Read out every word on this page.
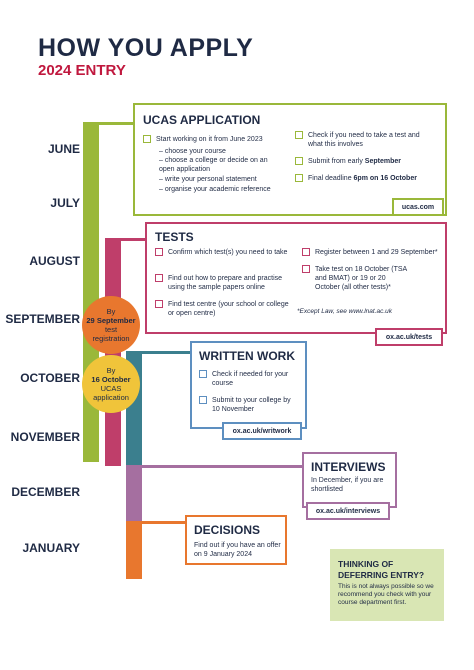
HOW YOU APPLY
2024 ENTRY
JUNE
JULY
AUGUST
SEPTEMBER
OCTOBER
NOVEMBER
DECEMBER
JANUARY
UCAS APPLICATION
Start working on it from June 2023
– choose your course
– choose a college or decide on an open application
– write your personal statement
– organise your academic reference
Check if you need to take a test and what this involves
Submit from early September
Final deadline 6pm on 16 October
ucas.com
TESTS
Confirm which test(s) you need to take
Find out how to prepare and practise using the sample papers online
Find test centre (your school or college or open centre)
Register between 1 and 29 September*
Take test on 18 October (TSA and BMAT) or 19 or 20 October (all other tests)*
*Except Law, see www.lnat.ac.uk
ox.ac.uk/tests
By
29 September
test
registration
By
16 October
UCAS
application
WRITTEN WORK
Check if needed for your course
Submit to your college by 10 November
ox.ac.uk/writwork
INTERVIEWS
In December, if you are shortlisted
ox.ac.uk/interviews
DECISIONS
Find out if you have an offer on 9 January 2024
THINKING OF
DEFERRING ENTRY?
This is not always possible so we recommend you check with your course department first.
